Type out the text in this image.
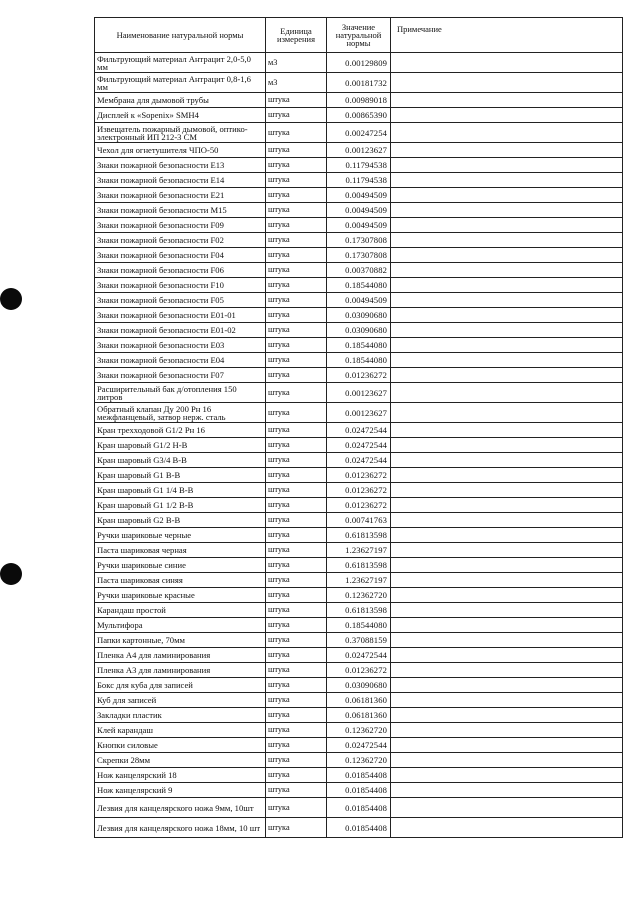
Наименование натуральной нормы	Единица измерения	Значение натуральной нормы	Примечание
Фильтрующий материал Антрацит 2,0-5,0 мм	м3	0.00129809	
Фильтрующий материал Антрацит 0,8-1,6 мм	м3	0.00181732	
Мембрана для дымовой трубы	штука	0.00989018	
Дисплей к «Sopenix» SMH4	штука	0.00865390	
Извещатель пожарный дымовой, оптико-электронный ИП 212-3 СМ	штука	0.00247254	
Чехол для огнетушителя ЧПО-50	штука	0.00123627	
Знаки пожарной безопасности Е13	штука	0.11794538	
Знаки пожарной безопасности Е14	штука	0.11794538	
Знаки пожарной безопасности Е21	штука	0.00494509	
Знаки пожарной безопасности М15	штука	0.00494509	
Знаки пожарной безопасности F09	штука	0.00494509	
Знаки пожарной безопасности F02	штука	0.17307808	
Знаки пожарной безопасности F04	штука	0.17307808	
Знаки пожарной безопасности F06	штука	0.00370882	
Знаки пожарной безопасности F10	штука	0.18544080	
Знаки пожарной безопасности F05	штука	0.00494509	
Знаки пожарной безопасности E01-01	штука	0.03090680	
Знаки пожарной безопасности E01-02	штука	0.03090680	
Знаки пожарной безопасности E03	штука	0.18544080	
Знаки пожарной безопасности E04	штука	0.18544080	
Знаки пожарной безопасности F07	штука	0.01236272	
Расширительный бак д/отопления 150 литров	штука	0.00123627	
Обратный клапан Ду 200 Рн 16 межфланцевый, затвор нерж. сталь	штука	0.00123627	
Кран трехходовой G1/2 Рн 16	штука	0.02472544	
Кран шаровый G1/2 Н-В	штука	0.02472544	
Кран шаровый G3/4 В-В	штука	0.02472544	
Кран шаровый G1 В-В	штука	0.01236272	
Кран шаровый G1 1/4 В-В	штука	0.01236272	
Кран шаровый G1 1/2 В-В	штука	0.01236272	
Кран шаровый G2 В-В	штука	0.00741763	
Ручки шариковые черные	штука	0.61813598	
Паста шариковая черная	штука	1.23627197	
Ручки шариковые синие	штука	0.61813598	
Паста шариковая синяя	штука	1.23627197	
Ручки шариковые красные	штука	0.12362720	
Карандаш простой	штука	0.61813598	
Мультифора	штука	0.18544080	
Папки картонные, 70мм	штука	0.37088159	
Пленка А4 для ламинирования	штука	0.02472544	
Пленка А3 для ламинирования	штука	0.01236272	
Бокс для куба для записей	штука	0.03090680	
Куб для записей	штука	0.06181360	
Закладки пластик	штука	0.06181360	
Клей карандаш	штука	0.12362720	
Кнопки силовые	штука	0.02472544	
Скрепки 28мм	штука	0.12362720	
Нож канцелярский 18	штука	0.01854408	
Нож канцелярский 9	штука	0.01854408	
Лезвия для канцелярского ножа 9мм, 10шт	штука	0.01854408	
Лезвия для канцелярского ножа 18мм, 10 шт	штука	0.01854408	
